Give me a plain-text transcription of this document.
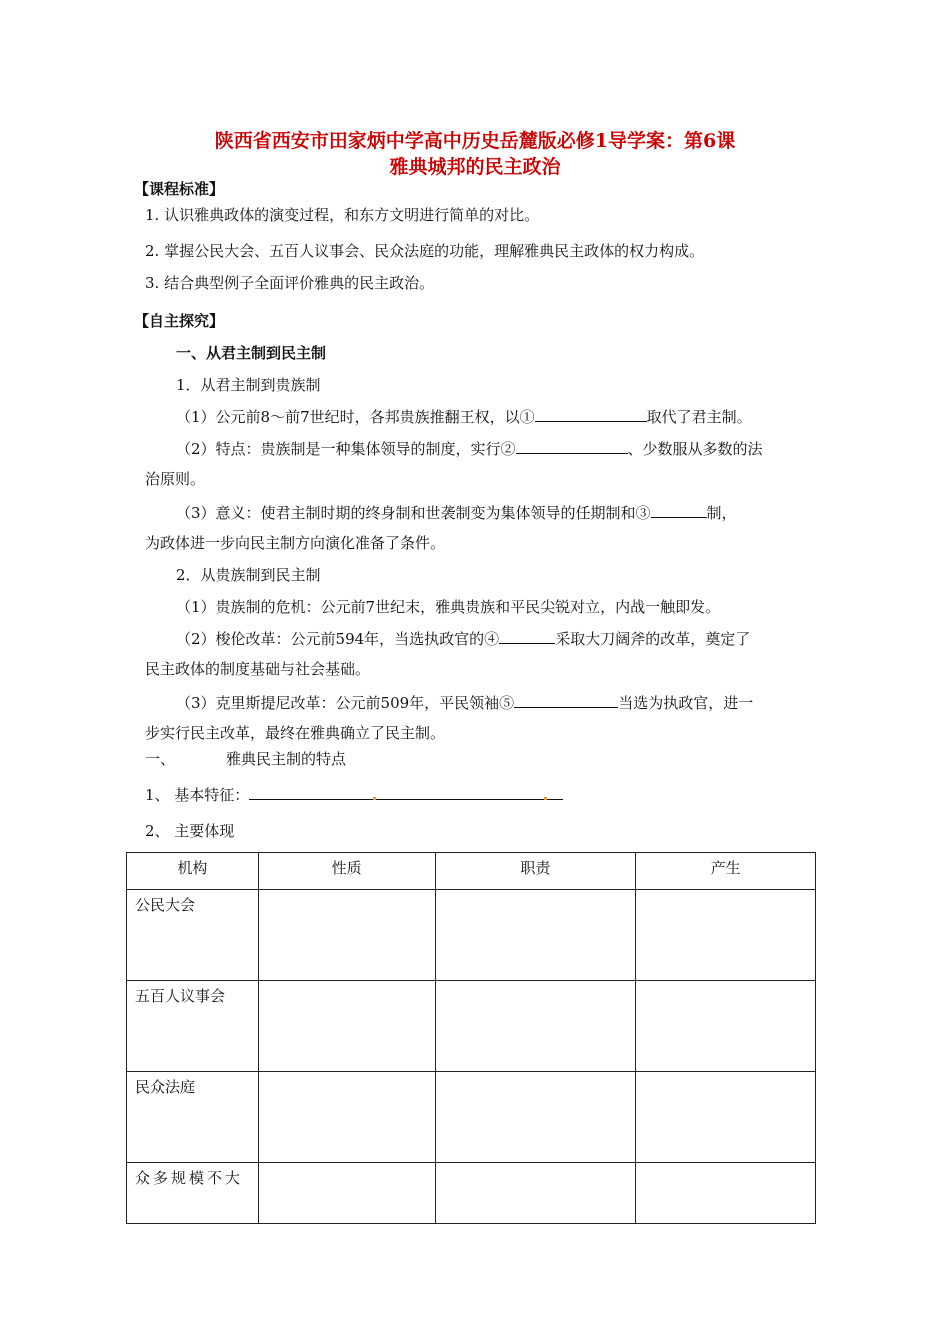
陕西省西安市田家炳中学高中历史岳麓版必修1导学案：第6课
雅典城邦的民主政治
【课程标准】
1. 认识雅典政体的演变过程，和东方文明进行简单的对比。
2. 掌握公民大会、五百人议事会、民众法庭的功能，理解雅典民主政体的权力构成。
3. 结合典型例子全面评价雅典的民主政治。
【自主探究】
一、从君主制到民主制
1．从君主制到贵族制
（1）公元前8～前7世纪时，各邦贵族推翻王权，以①	取代了君主制。
（2）特点：贵族制是一种集体领导的制度，实行②	、少数服从多数的法
治原则。
（3）意义：使君主制时期的终身制和世袭制变为集体领导的任期制和③	制，
为政体进一步向民主制方向演化准备了条件。
2．从贵族制到民主制
（1）贵族制的危机：公元前7世纪末，雅典贵族和平民尖锐对立，内战一触即发。
（2）梭伦改革：公元前594年，当选执政官的④	采取大刀阔斧的改革，奠定了
民主政体的制度基础与社会基础。
（3）克里斯提尼改革：公元前509年，平民领袖⑤	当选为执政官，进一
步实行民主改革，最终在雅典确立了民主制。
一、	雅典民主制的特点
1、 基本特征：
2、 主要体现
机构	性质	职责	产生
公民大会			
五百人议事会			
民众法庭			
众多规模不大			
